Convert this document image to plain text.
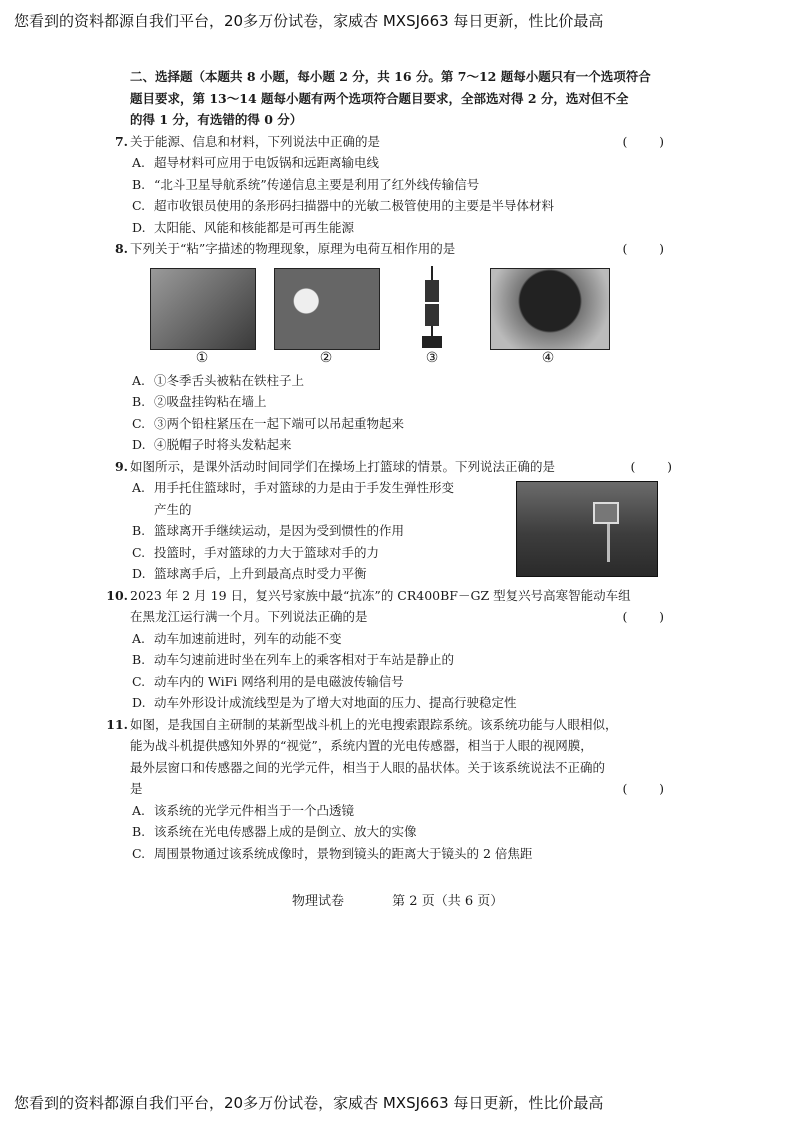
您看到的资料都源自我们平台，20多万份试卷，家威杏 MXSJ663 每日更新，性比价最高
二、选择题（本题共 8 小题，每小题 2 分，共 16 分。第 7～12 题每小题只有一个选项符合
题目要求，第 13～14 题每小题有两个选项符合题目要求，全部选对得 2 分，选对但不全
的得 1 分，有选错的得 0 分）
7. 关于能源、信息和材料，下列说法中正确的是	(        )
A. 超导材料可应用于电饭锅和远距离输电线
B. “北斗卫星导航系统”传递信息主要是利用了红外线传输信号
C. 超市收银员使用的条形码扫描器中的光敏二极管使用的主要是半导体材料
D. 太阳能、风能和核能都是可再生能源
8. 下列关于“粘”字描述的物理现象，原理为电荷互相作用的是	(        )
①	②	③	④
A. ①冬季舌头被粘在铁柱子上
B. ②吸盘挂钩粘在墙上
C. ③两个铅柱紧压在一起下端可以吊起重物起来
D. ④脱帽子时将头发粘起来
9. 如图所示，是课外活动时间同学们在操场上打篮球的情景。下列说法正确的是	(        )
A. 用手托住篮球时，手对篮球的力是由于手发生弹性形变
产生的
B. 篮球离开手继续运动，是因为受到惯性的作用
C. 投篮时，手对篮球的力大于篮球对手的力
D. 篮球离手后，上升到最高点时受力平衡
10. 2023 年 2 月 19 日，复兴号家族中最“抗冻”的 CR400BF－GZ 型复兴号高寒智能动车组
在黑龙江运行满一个月。下列说法正确的是	(        )
A. 动车加速前进时，列车的动能不变
B. 动车匀速前进时坐在列车上的乘客相对于车站是静止的
C. 动车内的 WiFi 网络利用的是电磁波传输信号
D. 动车外形设计成流线型是为了增大对地面的压力、提高行驶稳定性
11. 如图，是我国自主研制的某新型战斗机上的光电搜索跟踪系统。该系统功能与人眼相似，
能为战斗机提供感知外界的“视觉”，系统内置的光电传感器，相当于人眼的视网膜，
最外层窗口和传感器之间的光学元件，相当于人眼的晶状体。关于该系统说法不正确的
是	(        )
A. 该系统的光学元件相当于一个凸透镜
B. 该系统在光电传感器上成的是倒立、放大的实像
C. 周围景物通过该系统成像时，景物到镜头的距离大于镜头的 2 倍焦距
物理试卷	第 2 页（共 6 页）
您看到的资料都源自我们平台，20多万份试卷，家威杏 MXSJ663 每日更新，性比价最高
